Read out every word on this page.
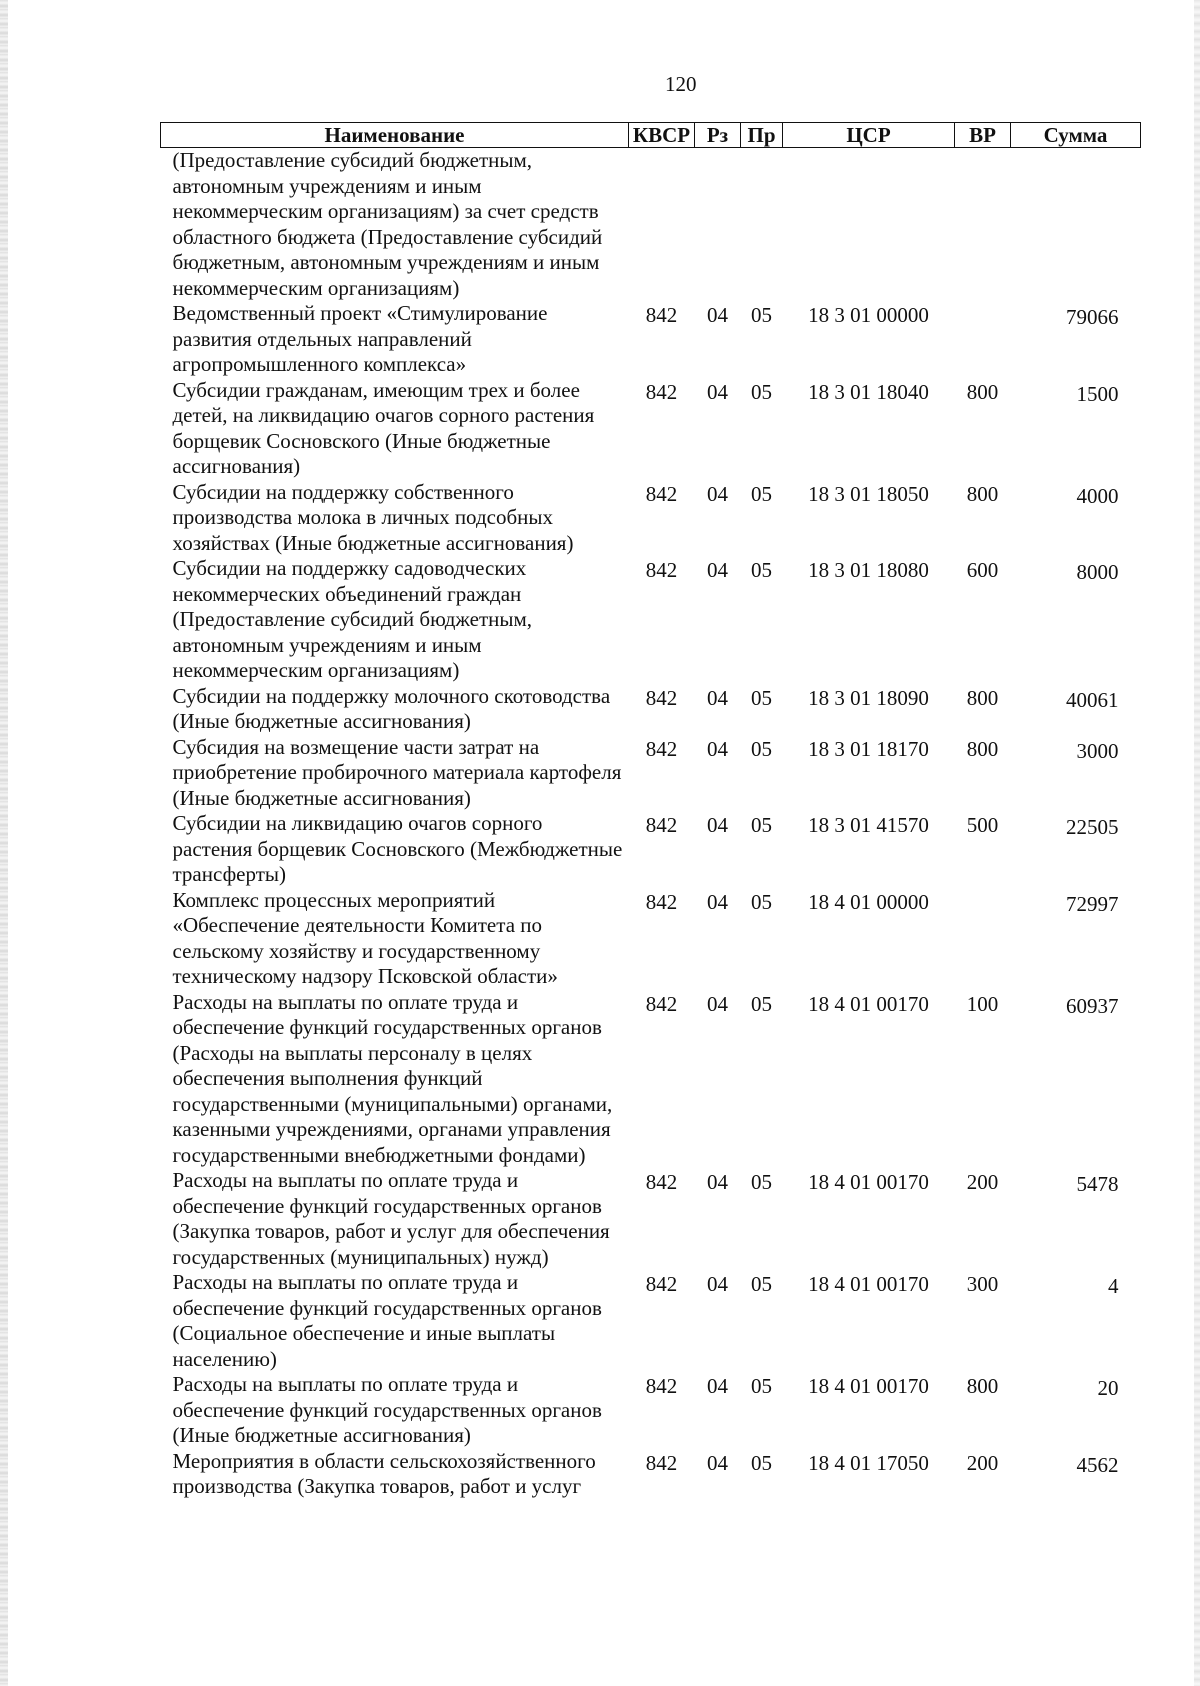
120
Наименование	КВСР	Рз	Пр	ЦСР	ВР	Сумма
(Предоставление субсидий бюджетным, автономным учреждениям и иным некоммерческим организациям) за счет средств областного бюджета (Предоставление субсидий бюджетным, автономным учреждениям и иным некоммерческим организациям)						
Ведомственный проект «Стимулирование развития отдельных направлений агропромышленного комплекса»	842	04	05	18 3 01 00000		79066
Субсидии гражданам, имеющим трех и более детей, на ликвидацию очагов сорного растения борщевик Сосновского (Иные бюджетные ассигнования)	842	04	05	18 3 01 18040	800	1500
Субсидии на поддержку собственного производства молока в личных подсобных хозяйствах (Иные бюджетные ассигнования)	842	04	05	18 3 01 18050	800	4000
Субсидии на поддержку садоводческих некоммерческих объединений граждан (Предоставление субсидий бюджетным, автономным учреждениям и иным некоммерческим организациям)	842	04	05	18 3 01 18080	600	8000
Субсидии на поддержку молочного скотоводства (Иные бюджетные ассигнования)	842	04	05	18 3 01 18090	800	40061
Субсидия на возмещение части затрат на приобретение пробирочного материала картофеля (Иные бюджетные ассигнования)	842	04	05	18 3 01 18170	800	3000
Субсидии на ликвидацию очагов сорного растения борщевик Сосновского (Межбюджетные трансферты)	842	04	05	18 3 01 41570	500	22505
Комплекс процессных мероприятий «Обеспечение деятельности Комитета по сельскому хозяйству и государственному техническому надзору Псковской области»	842	04	05	18 4 01 00000		72997
Расходы на выплаты по оплате труда и обеспечение функций государственных органов (Расходы на выплаты персоналу в целях обеспечения выполнения функций государственными (муниципальными) органами, казенными учреждениями, органами управления государственными внебюджетными фондами)	842	04	05	18 4 01 00170	100	60937
Расходы на выплаты по оплате труда и обеспечение функций государственных органов (Закупка товаров, работ и услуг для обеспечения государственных (муниципальных) нужд)	842	04	05	18 4 01 00170	200	5478
Расходы на выплаты по оплате труда и обеспечение функций государственных органов (Социальное обеспечение и иные выплаты населению)	842	04	05	18 4 01 00170	300	4
Расходы на выплаты по оплате труда и обеспечение функций государственных органов (Иные бюджетные ассигнования)	842	04	05	18 4 01 00170	800	20
Мероприятия в области сельскохозяйственного производства (Закупка товаров, работ и услуг	842	04	05	18 4 01 17050	200	4562
